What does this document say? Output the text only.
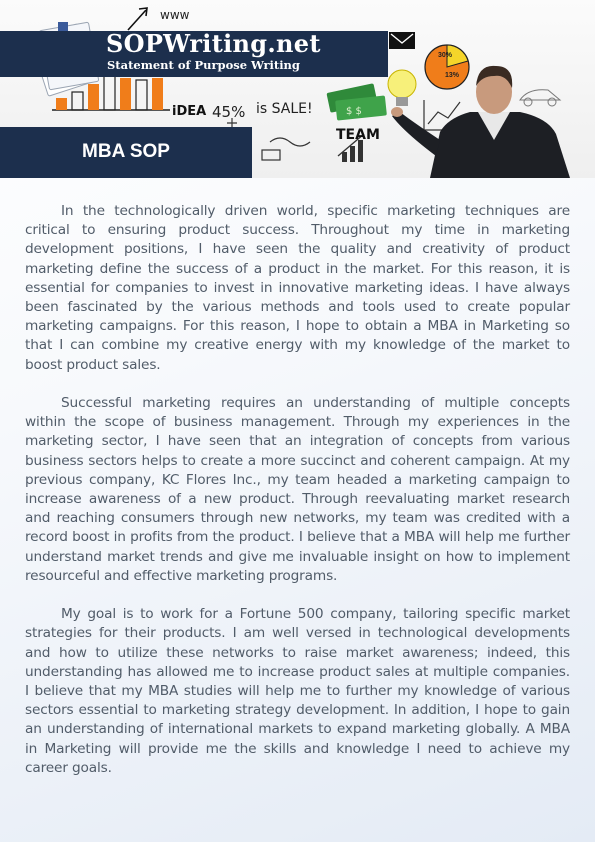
$ $
SOPWriting.net
Statement of Purpose Writing
www
iDEA 45% is SALE!
TEAM
30%
13%
MBA SOP

In the technologically driven world, specific marketing techniques are critical to ensuring product success. Throughout my time in marketing development positions, I have seen the quality and creativity of product marketing define the success of a product in the market. For this reason, it is essential for companies to invest in innovative marketing ideas. I have always been fascinated by the various methods and tools used to create popular marketing campaigns. For this reason, I hope to obtain a MBA in Marketing so that I can combine my creative energy with my knowledge of the market to boost product sales.

Successful marketing requires an understanding of multiple concepts within the scope of business management. Through my experiences in the marketing sector, I have seen that an integration of concepts from various business sectors helps to create a more succinct and coherent campaign. At my previous company, KC Flores Inc., my team headed a marketing campaign to increase awareness of a new product. Through reevaluating market research and reaching consumers through new networks, my team was credited with a record boost in profits from the product. I believe that a MBA will help me further understand market trends and give me invaluable insight on how to implement resourceful and effective marketing programs.

My goal is to work for a Fortune 500 company, tailoring specific market strategies for their products. I am well versed in technological developments and how to utilize these networks to raise market awareness; indeed, this understanding has allowed me to increase product sales at multiple companies. I believe that my MBA studies will help me to further my knowledge of various sectors essential to marketing strategy development. In addition, I hope to gain an understanding of international markets to expand marketing globally. A MBA in Marketing will provide me the skills and knowledge I need to achieve my career goals.
